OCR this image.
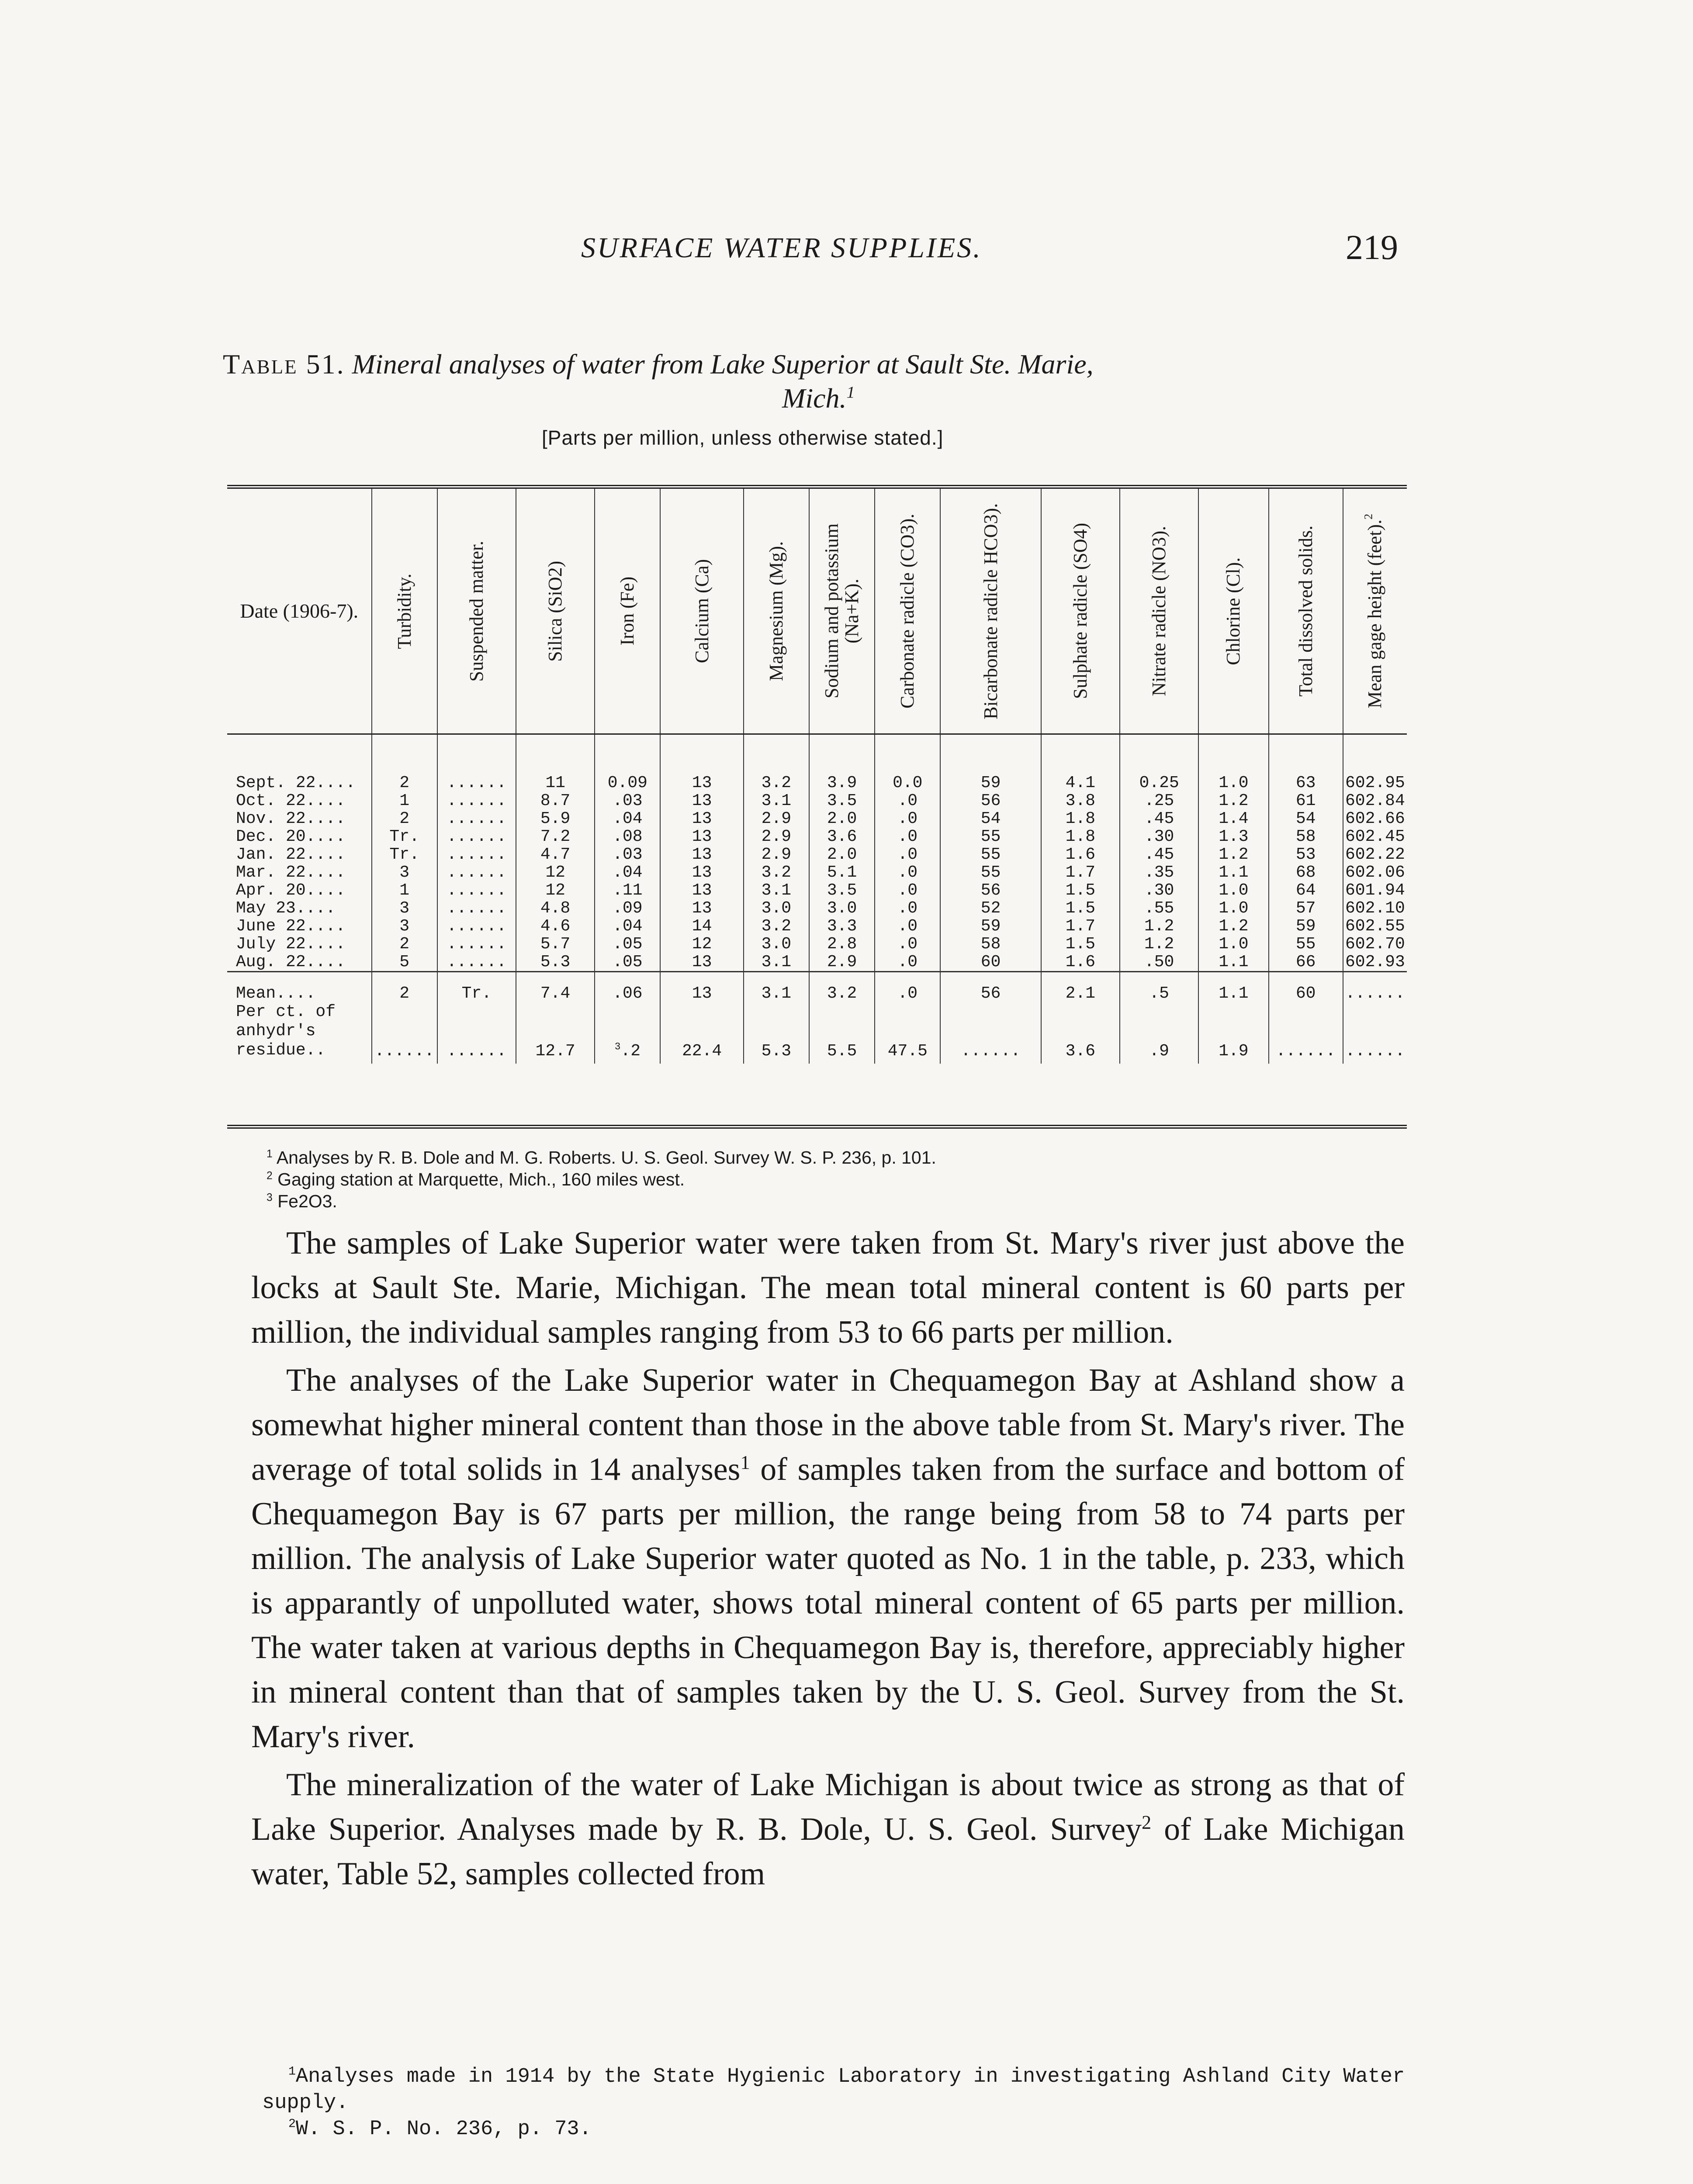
SURFACE WATER SUPPLIES.	219
Table 51. Mineral analyses of water from Lake Superior at Sault Ste. Marie,
Mich.$^1$
[Parts per million, unless otherwise stated.]
Date (1906-7).	Turbidity.	Suspended matter.	Silica (SiO2)	Iron (Fe)	Calcium (Ca)	Magnesium (Mg).	Sodium and potassium (Na+K).	Carbonate radicle (CO3).	Bicarbonate radicle HCO3).	Sulphate radicle (SO4)	Nitrate radicle (NO3).	Chlorine (Cl).	Total dissolved solids.	Mean gage height (feet).$^2$

Sept. 22....	2	......	11	0.09	13	3.2	3.9	0.0	59	4.1	0.25	1.0	63	602.95
Oct. 22....	1	......	8.7	.03	13	3.1	3.5	.0	56	3.8	.25	1.2	61	602.84
Nov. 22....	2	......	5.9	.04	13	2.9	2.0	.0	54	1.8	.45	1.4	54	602.66
Dec. 20....	Tr.	......	7.2	.08	13	2.9	3.6	.0	55	1.8	.30	1.3	58	602.45
Jan. 22....	Tr.	......	4.7	.03	13	2.9	2.0	.0	55	1.6	.45	1.2	53	602.22
Mar. 22....	3	......	12	.04	13	3.2	5.1	.0	55	1.7	.35	1.1	68	602.06
Apr. 20....	1	......	12	.11	13	3.1	3.5	.0	56	1.5	.30	1.0	64	601.94
May 23....	3	......	4.8	.09	13	3.0	3.0	.0	52	1.5	.55	1.0	57	602.10
June 22....	3	......	4.6	.04	14	3.2	3.3	.0	59	1.7	1.2	1.2	59	602.55
July 22....	2	......	5.7	.05	12	3.0	2.8	.0	58	1.5	1.2	1.0	55	602.70
Aug. 22....	5	......	5.3	.05	13	3.1	2.9	.0	60	1.6	.50	1.1	66	602.93
Mean....	2	Tr.	7.4	.06	13	3.1	3.2	.0	56	2.1	.5	1.1	60	......
Per ct. of
anhydr's
residue..	......	......	12.7	$^3$.2	22.4	5.3	5.5	47.5	......	3.6	.9	1.9	......	......

$^1$ Analyses by R. B. Dole and M. G. Roberts. U. S. Geol. Survey W. S. P. 236, p. 101.

$^2$ Gaging station at Marquette, Mich., 160 miles west.

$^3$ Fe2O3.

The samples of Lake Superior water were taken from St. Mary's river just above the locks at Sault Ste. Marie, Michigan. The mean total mineral content is 60 parts per million, the individual samples ranging from 53 to 66 parts per million.

The analyses of the Lake Superior water in Chequamegon Bay at Ashland show a somewhat higher mineral content than those in the above table from St. Mary's river. The average of total solids in 14 analyses$^1$ of samples taken from the surface and bottom of Chequamegon Bay is 67 parts per million, the range being from 58 to 74 parts per million. The analysis of Lake Superior water quoted as No. 1 in the table, p. 233, which is apparantly of unpolluted water, shows total mineral content of 65 parts per million. The water taken at various depths in Chequamegon Bay is, therefore, appreciably higher in mineral content than that of samples taken by the U. S. Geol. Survey from the St. Mary's river.

The mineralization of the water of Lake Michigan is about twice as strong as that of Lake Superior. Analyses made by R. B. Dole, U. S. Geol. Survey$^2$ of Lake Michigan water, Table 52, samples collected from

$^1$Analyses made in 1914 by the State Hygienic Laboratory in investigating Ashland City Water supply.

$^2$W. S. P. No. 236, p. 73.
